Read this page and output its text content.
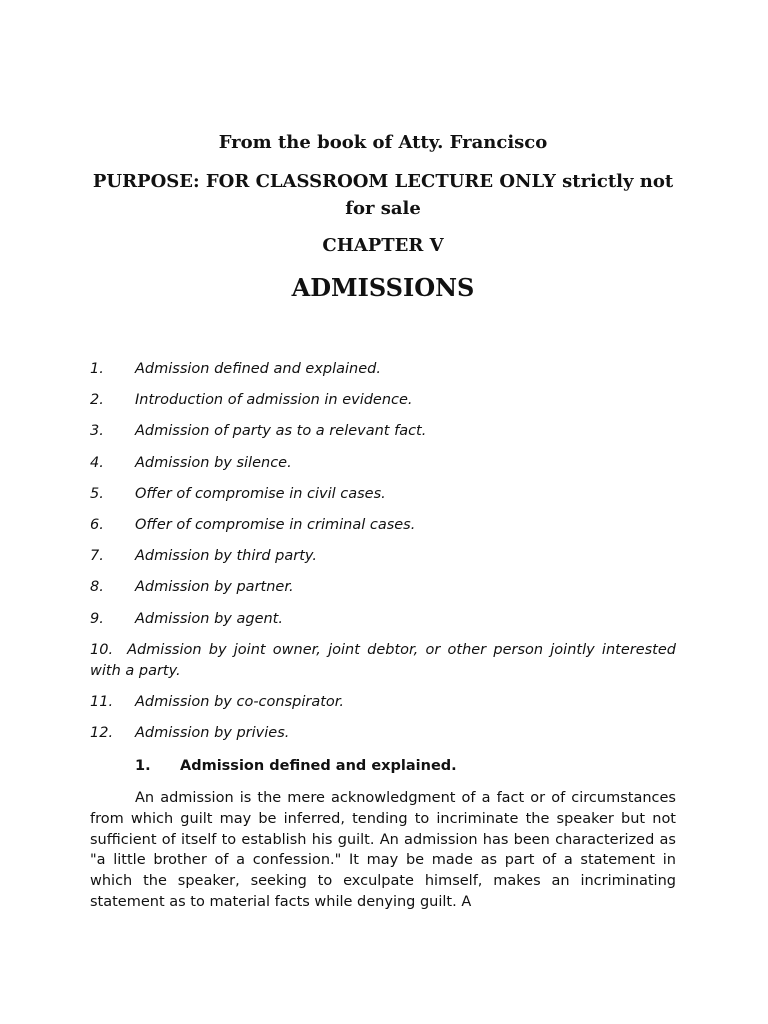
From the book of Atty. Francisco
PURPOSE: FOR CLASSROOM LECTURE ONLY strictly not for sale
CHAPTER V
ADMISSIONS
1.	Admission defined and explained.
2.	Introduction of admission in evidence.
3.	Admission of party as to a relevant fact.
4.	Admission by silence.
5.	Offer of compromise in civil cases.
6.	Offer of compromise in criminal cases.
7.	Admission by third party.
8.	Admission by partner.
9.	Admission by agent.
10. Admission by joint owner, joint debtor, or other person jointly interested with a party.
11.	Admission by co-conspirator.
12.	Admission by privies.
1. Admission defined and explained.

An admission is the mere acknowledgment of a fact or of circumstances from which guilt may be inferred, tending to incriminate the speaker but not sufficient of itself to establish his guilt. An admission has been characterized as "a little brother of a confession." It may be made as part of a statement in which the speaker, seeking to exculpate himself, makes an incriminating statement as to material facts while denying guilt. A
